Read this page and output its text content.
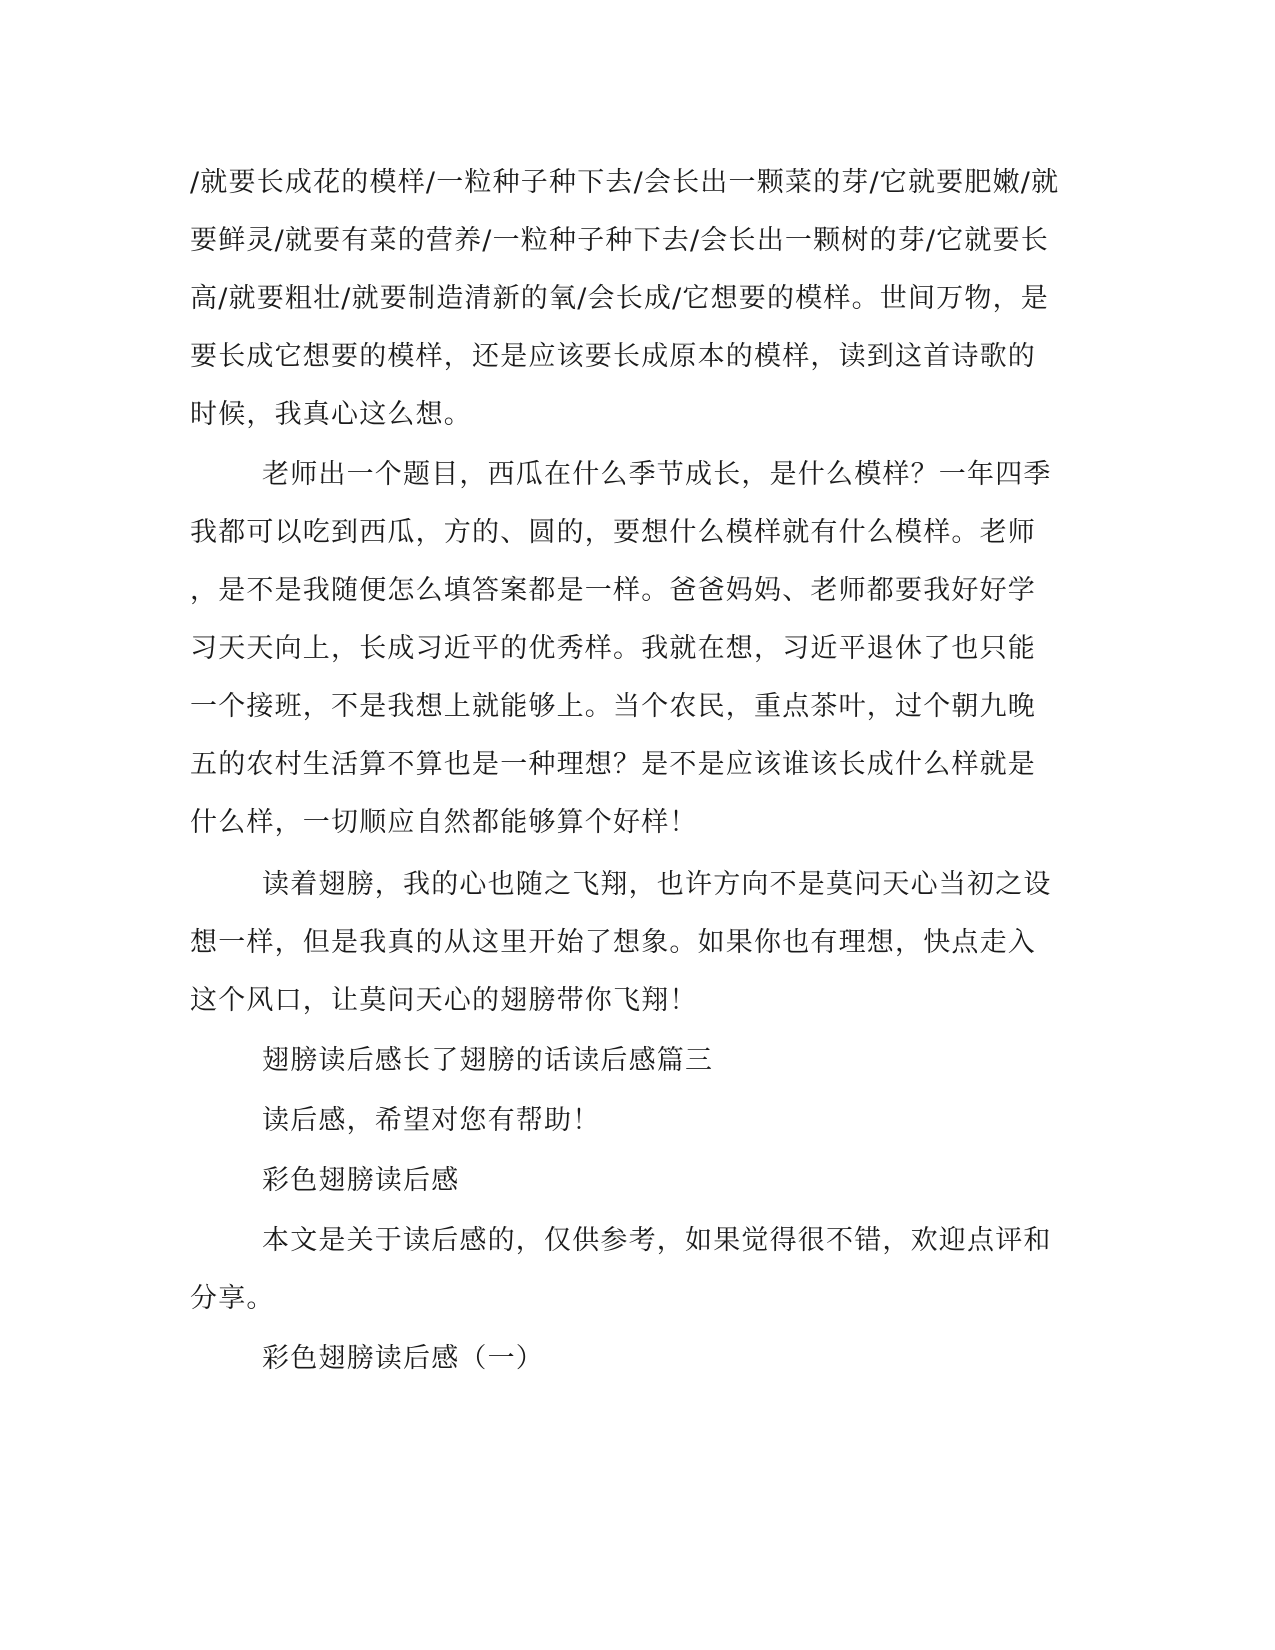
/就要长成花的模样/一粒种子种下去/会长出一颗菜的芽/它就要肥嫩/就
要鲜灵/就要有菜的营养/一粒种子种下去/会长出一颗树的芽/它就要长
高/就要粗壮/就要制造清新的氧/会长成/它想要的模样。世间万物，是
要长成它想要的模样，还是应该要长成原本的模样，读到这首诗歌的
时候，我真心这么想。
老师出一个题目，西瓜在什么季节成长，是什么模样？一年四季
我都可以吃到西瓜，方的、圆的，要想什么模样就有什么模样。老师
，是不是我随便怎么填答案都是一样。爸爸妈妈、老师都要我好好学
习天天向上，长成习近平的优秀样。我就在想，习近平退休了也只能
一个接班，不是我想上就能够上。当个农民，重点茶叶，过个朝九晚
五的农村生活算不算也是一种理想？是不是应该谁该长成什么样就是
什么样，一切顺应自然都能够算个好样！
读着翅膀，我的心也随之飞翔，也许方向不是莫问天心当初之设
想一样，但是我真的从这里开始了想象。如果你也有理想，快点走入
这个风口，让莫问天心的翅膀带你飞翔！
翅膀读后感长了翅膀的话读后感篇三
读后感，希望对您有帮助！
彩色翅膀读后感
本文是关于读后感的，仅供参考，如果觉得很不错，欢迎点评和
分享。
彩色翅膀读后感（一）
